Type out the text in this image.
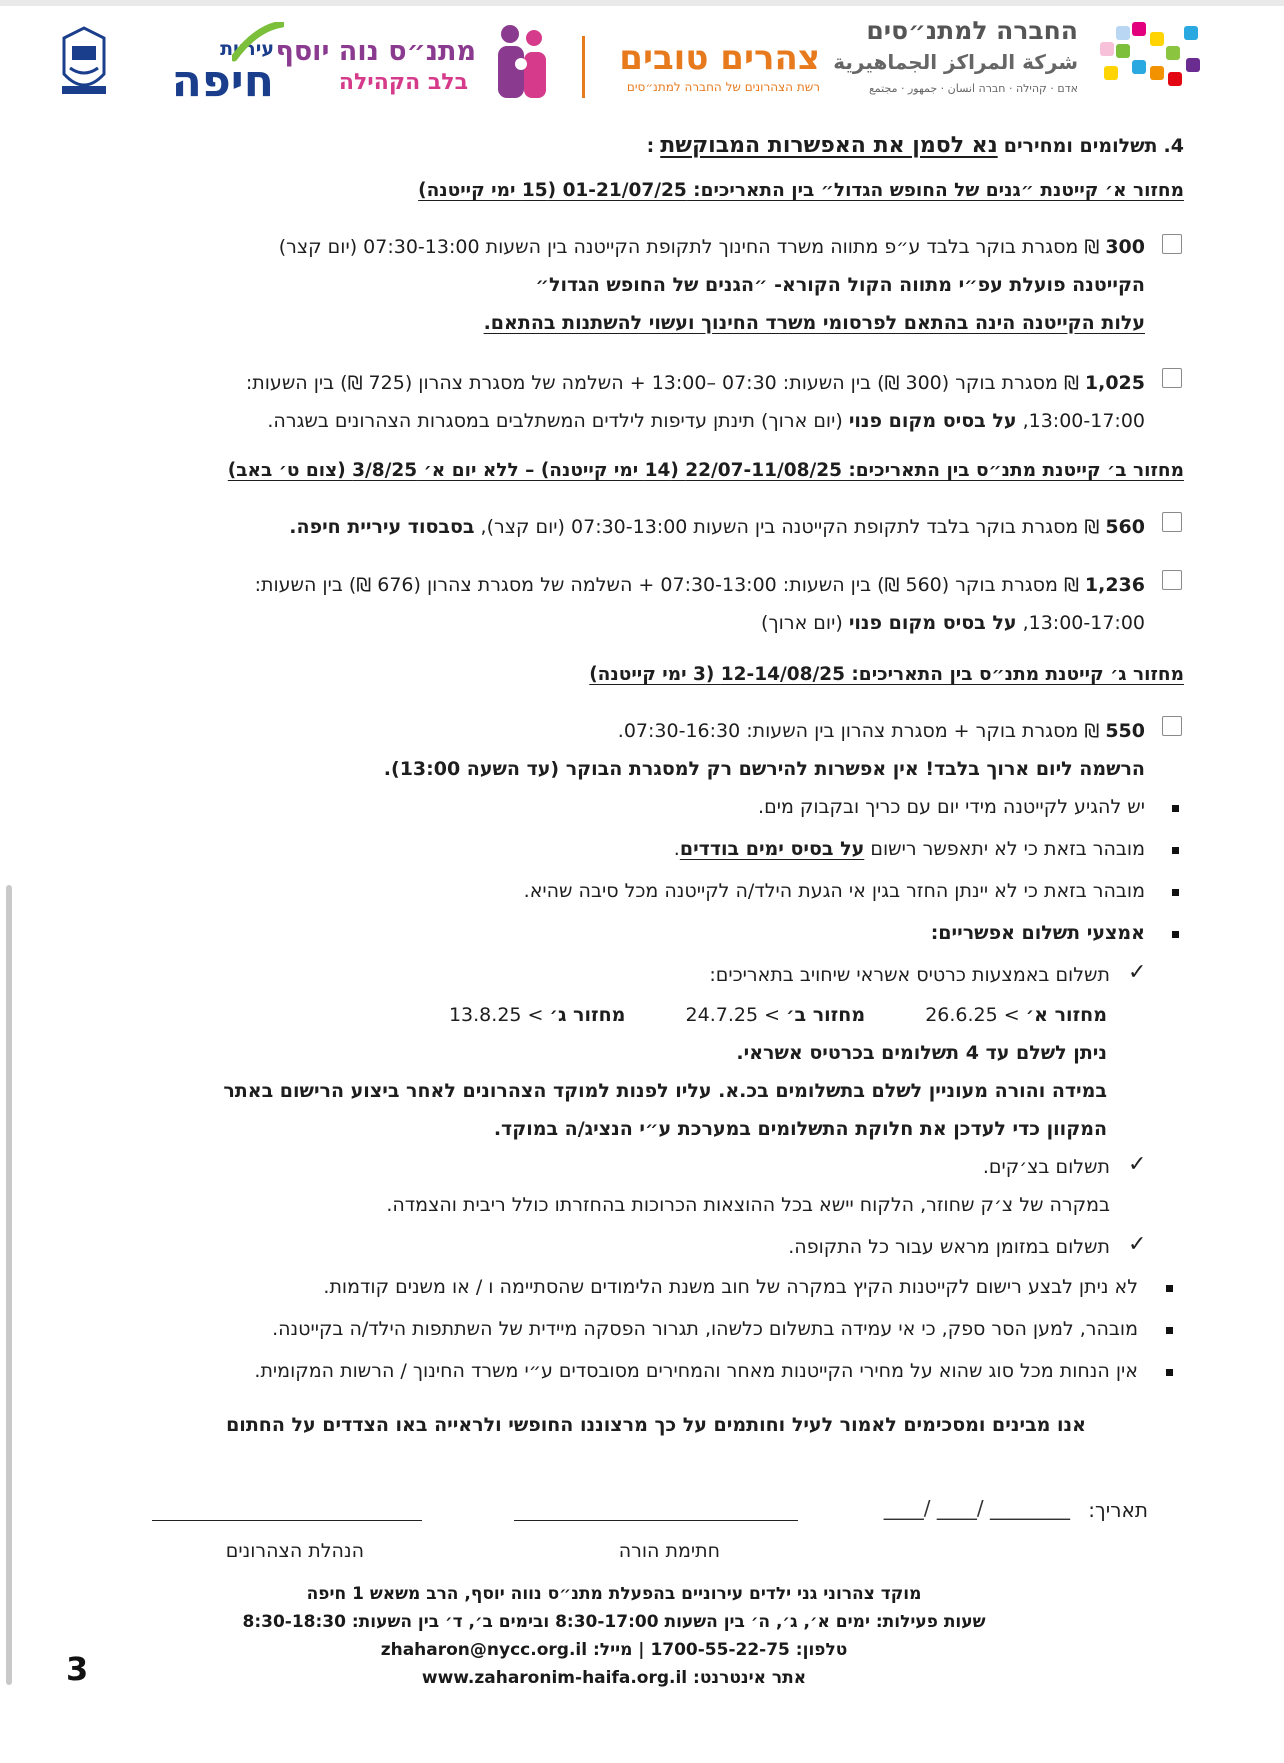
החברה למתנ״סים
شركة المراكز الجماهيرية
אדם · קהילה · חברה انسان · جمهور · مجتمع
צהרים טובים
רשת הצהרונים של החברה למתנ״סים
מתנ״ס נוה יוסף
בלב הקהילה
עיריית
חיפה
4. תשלומים ומחירים נא לסמן את האפשרות המבוקשת :
מחזור א׳ קייטנת ״גנים של החופש הגדול״ בין התאריכים: 01-21/07/25 (15 ימי קייטנה)
300 ₪ מסגרת בוקר בלבד ע״פ מתווה משרד החינוך לתקופת הקייטנה בין השעות 07:30-13:00 (יום קצר)
הקייטנה פועלת עפ״י מתווה הקול הקורא- ״הגנים של החופש הגדול״
עלות הקייטנה הינה בהתאם לפרסומי משרד החינוך ועשוי להשתנות בהתאם.
1,025 ₪ מסגרת בוקר (300 ₪) בין השעות: 07:30 –13:00 + השלמה של מסגרת צהרון (725 ₪) בין השעות:
13:00-17:00, על בסיס מקום פנוי (יום ארוך) תינתן עדיפות לילדים המשתלבים במסגרות הצהרונים בשגרה.
מחזור ב׳ קייטנת מתנ״ס בין התאריכים: 22/07-11/08/25 (14 ימי קייטנה) – ללא יום א׳ 3/8/25 (צום ט׳ באב)
560 ₪ מסגרת בוקר בלבד לתקופת הקייטנה בין השעות 07:30-13:00 (יום קצר), בסבסוד עיריית חיפה.
1,236 ₪ מסגרת בוקר (560 ₪) בין השעות: 07:30-13:00 + השלמה של מסגרת צהרון (676 ₪) בין השעות:
13:00-17:00, על בסיס מקום פנוי (יום ארוך)
מחזור ג׳ קייטנת מתנ״ס בין התאריכים: 12-14/08/25 (3 ימי קייטנה)
550 ₪ מסגרת בוקר + מסגרת צהרון בין השעות: 07:30-16:30.
הרשמה ליום ארוך בלבד! אין אפשרות להירשם רק למסגרת הבוקר (עד השעה 13:00).
יש להגיע לקייטנה מידי יום עם כריך ובקבוק מים.
מובהר בזאת כי לא יתאפשר רישום על בסיס ימים בודדים.
מובהר בזאת כי לא יינתן החזר בגין אי הגעת הילד/ה לקייטנה מכל סיבה שהיא.
אמצעי תשלום אפשריים:
✓
תשלום באמצעות כרטיס אשראי שיחויב בתאריכים:
מחזור א׳ > 26.6.25  מחזור ב׳ > 24.7.25  מחזור ג׳ > 13.8.25
ניתן לשלם עד 4 תשלומים בכרטיס אשראי.
במידה והורה מעוניין לשלם בתשלומים בכ.א. עליו לפנות למוקד הצהרונים לאחר ביצוע הרישום באתר
המקוון כדי לעדכן את חלוקת התשלומים במערכת ע״י הנציג/ה במוקד.
✓
תשלום בצ׳קים.
במקרה של צ׳ק שחוזר, הלקוח יישא בכל ההוצאות הכרוכות בהחזרתו כולל ריבית והצמדה.
✓
תשלום במזומן מראש עבור כל התקופה.
לא ניתן לבצע רישום לקייטנות הקיץ במקרה של חוב משנת הלימודים שהסתיימה ו / או משנים קודמות.
מובהר, למען הסר ספק, כי אי עמידה בתשלום כלשהו, תגרור הפסקה מיידית של השתתפות הילד/ה בקייטנה.
אין הנחות מכל סוג שהוא על מחירי הקייטנות מאחר והמחירים מסובסדים ע״י משרד החינוך / הרשות המקומית.
אנו מבינים ומסכימים לאמור לעיל וחותמים על כך מרצוננו החופשי ולראייה באו הצדדים על החתום
תאריך:
________ /____ /____
חתימת הורה
הנהלת הצהרונים
מוקד צהרוני גני ילדים עירוניים בהפעלת מתנ״ס נווה יוסף, הרב משאש 1 חיפה
שעות פעילות: ימים א׳, ג׳, ה׳ בין השעות 8:30-17:00 ובימים ב׳, ד׳ בין השעות: 8:30-18:30
טלפון: 1700-55-22-75 | מייל: zhaharon@nycc.org.il
אתר אינטרנט: www.zaharonim-haifa.org.il
3
